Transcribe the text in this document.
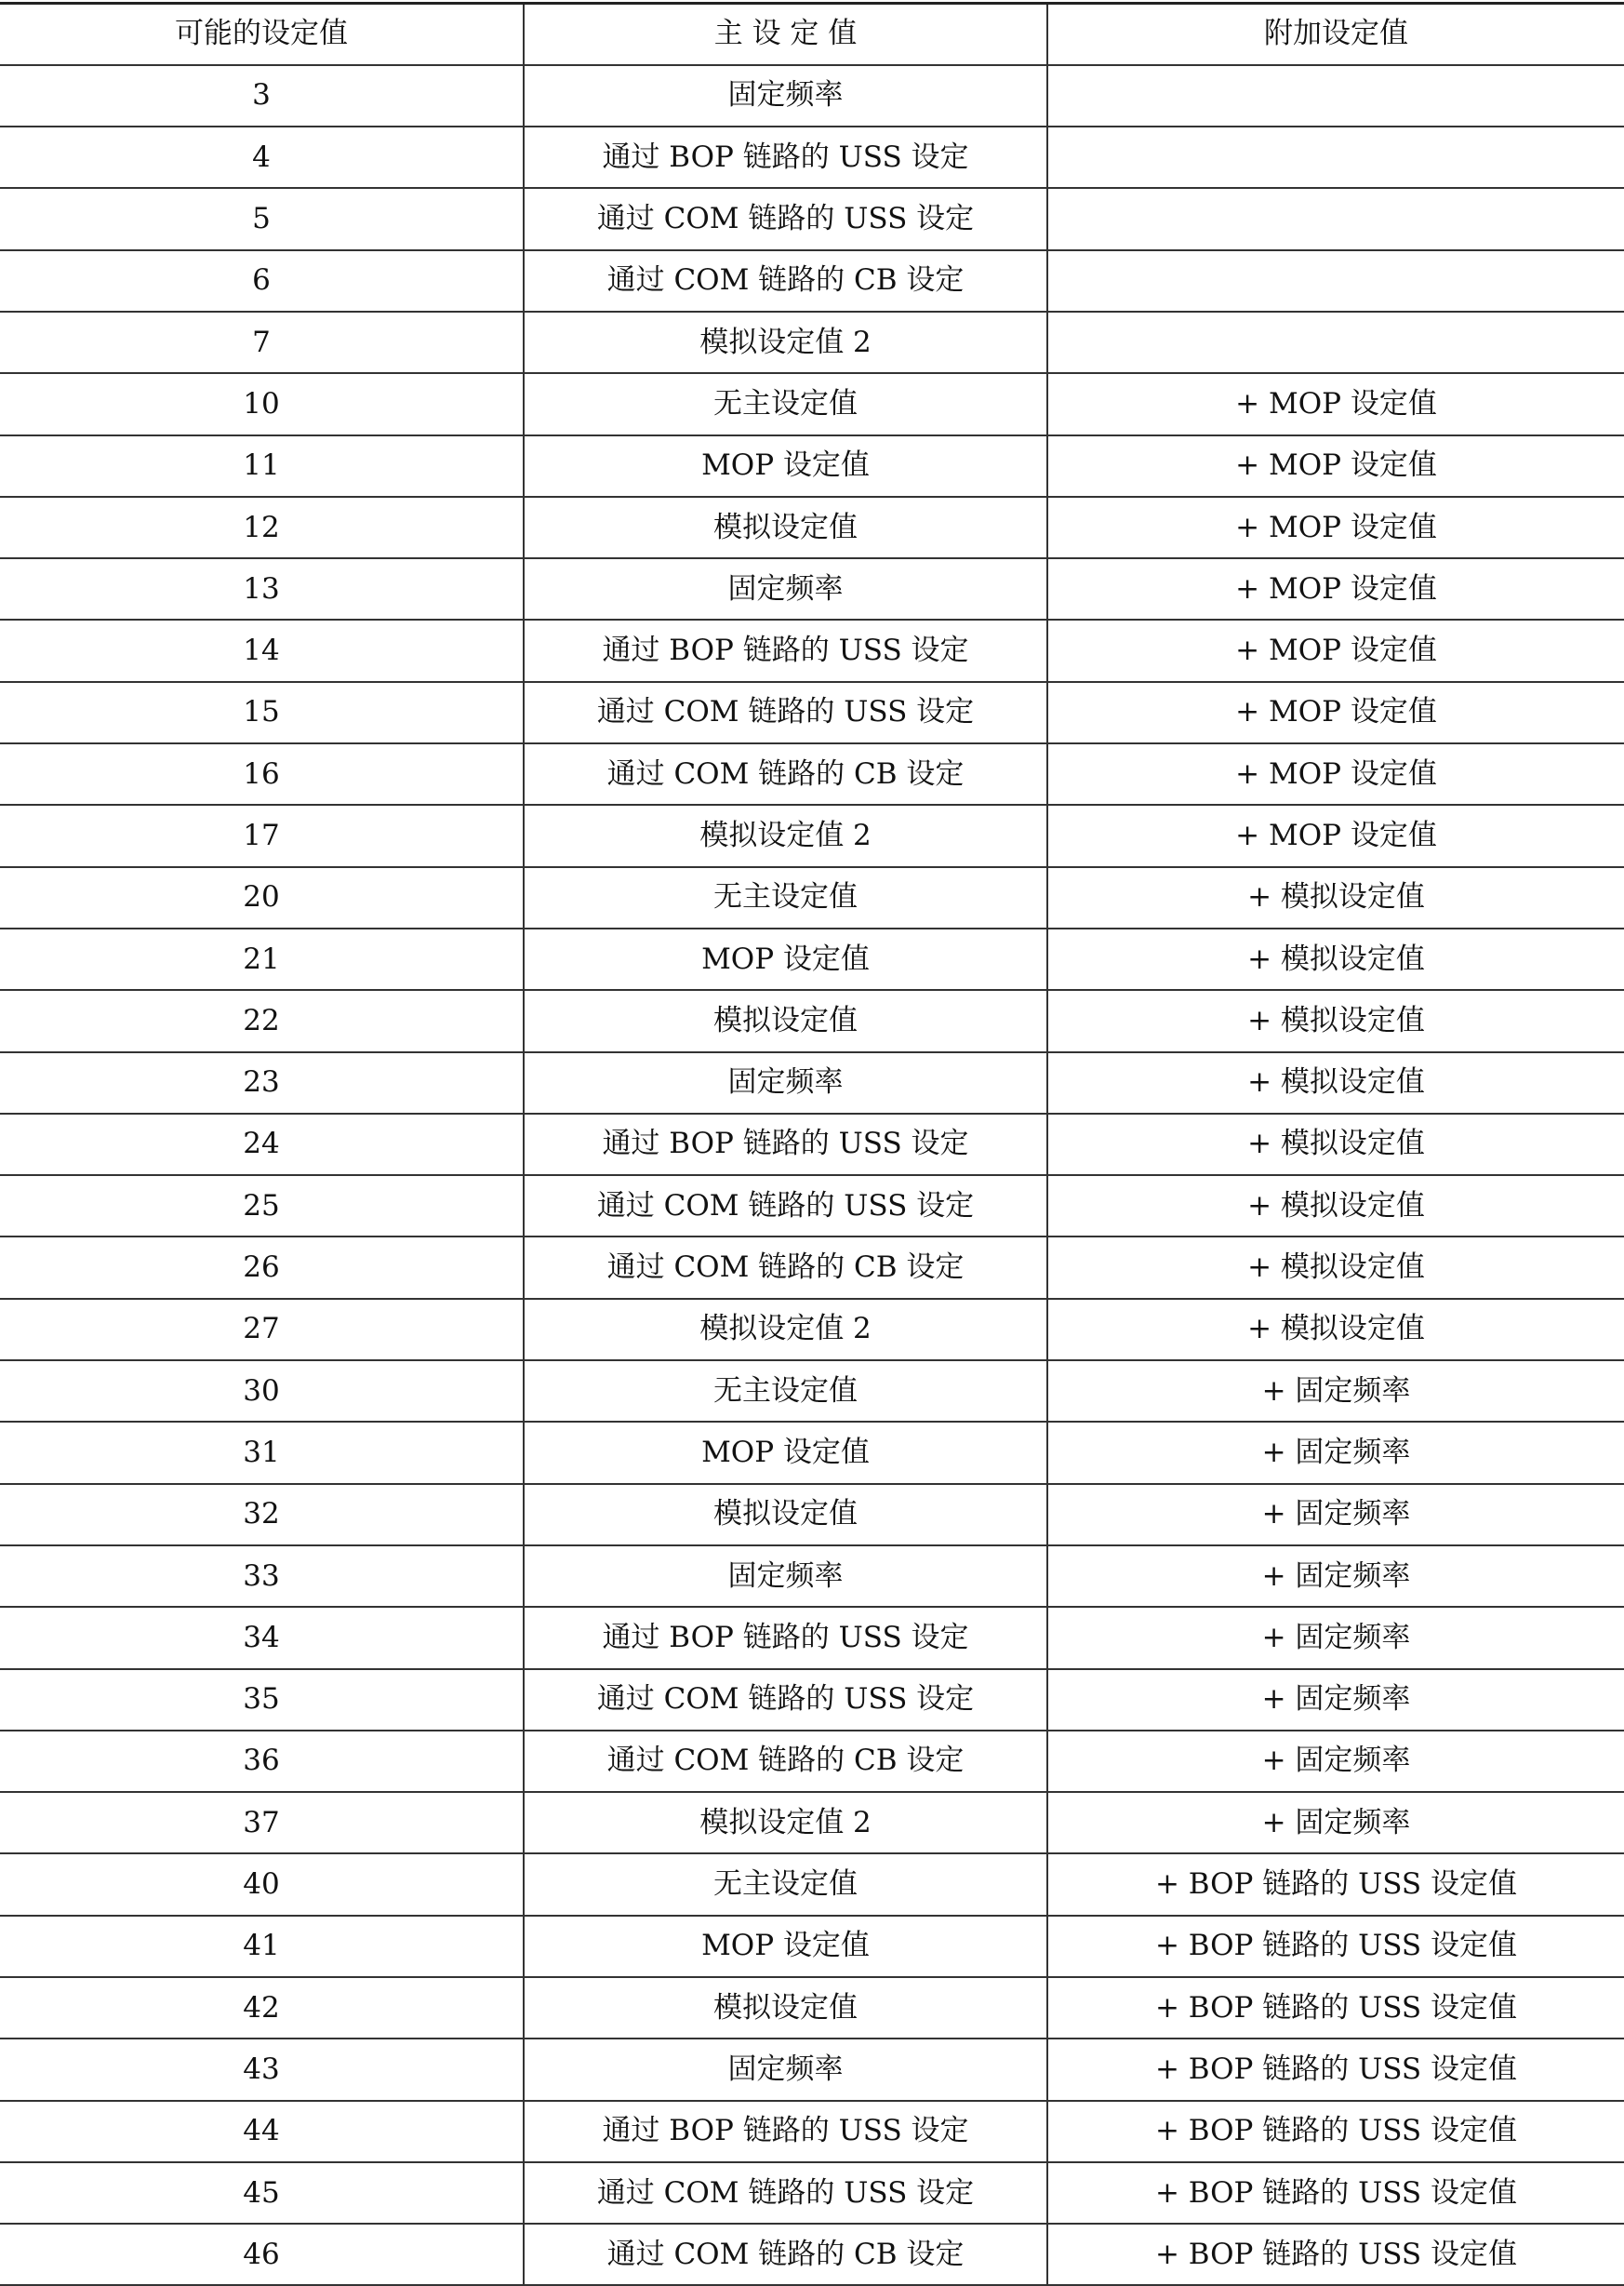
可能的设定值	主 设 定 值	附加设定值
3	固定频率	
4	通过 BOP 链路的 USS 设定	
5	通过 COM 链路的 USS 设定	
6	通过 COM 链路的 CB 设定	
7	模拟设定值 2	
10	无主设定值	+ MOP 设定值
11	MOP 设定值	+ MOP 设定值
12	模拟设定值	+ MOP 设定值
13	固定频率	+ MOP 设定值
14	通过 BOP 链路的 USS 设定	+ MOP 设定值
15	通过 COM 链路的 USS 设定	+ MOP 设定值
16	通过 COM 链路的 CB 设定	+ MOP 设定值
17	模拟设定值 2	+ MOP 设定值
20	无主设定值	+ 模拟设定值
21	MOP 设定值	+ 模拟设定值
22	模拟设定值	+ 模拟设定值
23	固定频率	+ 模拟设定值
24	通过 BOP 链路的 USS 设定	+ 模拟设定值
25	通过 COM 链路的 USS 设定	+ 模拟设定值
26	通过 COM 链路的 CB 设定	+ 模拟设定值
27	模拟设定值 2	+ 模拟设定值
30	无主设定值	+ 固定频率
31	MOP 设定值	+ 固定频率
32	模拟设定值	+ 固定频率
33	固定频率	+ 固定频率
34	通过 BOP 链路的 USS 设定	+ 固定频率
35	通过 COM 链路的 USS 设定	+ 固定频率
36	通过 COM 链路的 CB 设定	+ 固定频率
37	模拟设定值 2	+ 固定频率
40	无主设定值	+ BOP 链路的 USS 设定值
41	MOP 设定值	+ BOP 链路的 USS 设定值
42	模拟设定值	+ BOP 链路的 USS 设定值
43	固定频率	+ BOP 链路的 USS 设定值
44	通过 BOP 链路的 USS 设定	+ BOP 链路的 USS 设定值
45	通过 COM 链路的 USS 设定	+ BOP 链路的 USS 设定值
46	通过 COM 链路的 CB 设定	+ BOP 链路的 USS 设定值
